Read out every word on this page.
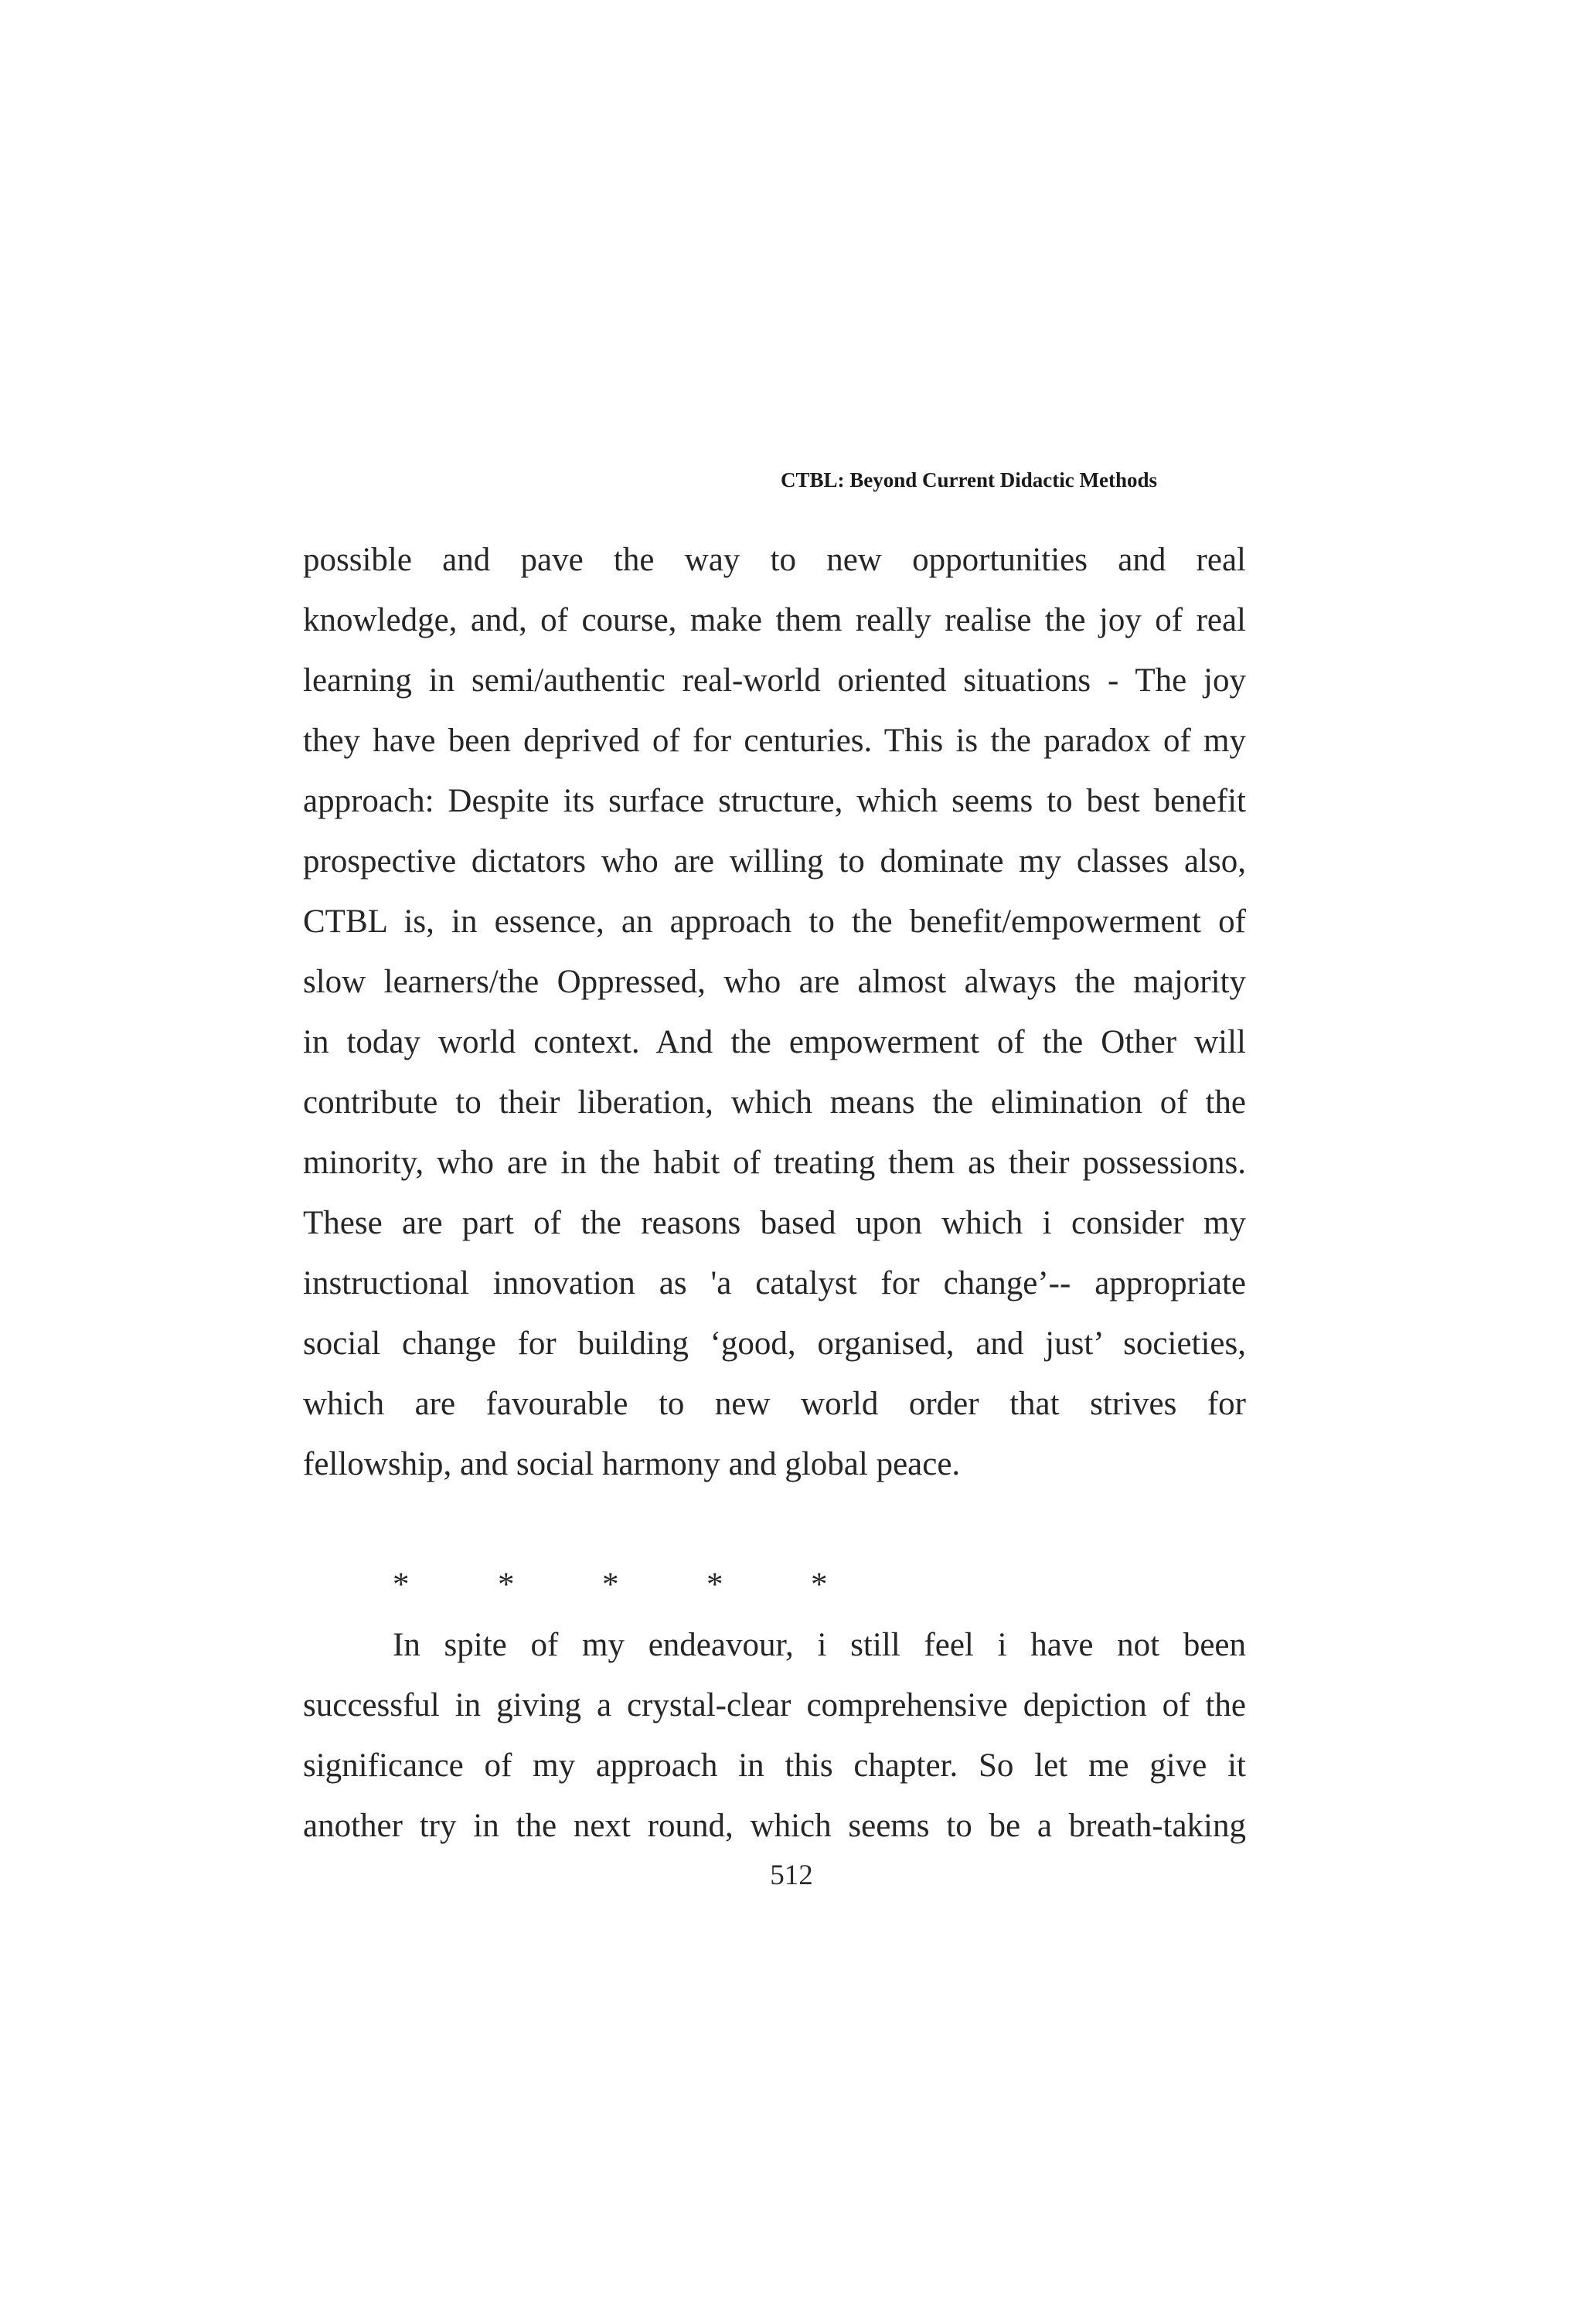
CTBL: Beyond Current Didactic Methods
possible and pave the way to new opportunities and real
knowledge, and, of course, make them really realise the joy of real
learning in semi/authentic real-world oriented situations - The joy
they have been deprived of for centuries. This is the paradox of my
approach: Despite its surface structure, which seems to best benefit
prospective dictators who are willing to dominate my classes also,
CTBL is, in essence, an approach to the benefit/empowerment of
slow learners/the Oppressed, who are almost always the majority
in today world context. And the empowerment of the Other will
contribute to their liberation, which means the elimination of the
minority, who are in the habit of treating them as their possessions.
These are part of the reasons based upon which i consider my
instructional innovation as 'a catalyst for change’-- appropriate
social change for building ‘good, organised, and just’ societies,
which are favourable to new world order that strives for
fellowship, and social harmony and global peace.
*	*	*	*	*
In spite of my endeavour, i still feel i have not been
successful in giving a crystal-clear comprehensive depiction of the
significance of my approach in this chapter. So let me give it
another try in the next round, which seems to be a breath-taking
512
